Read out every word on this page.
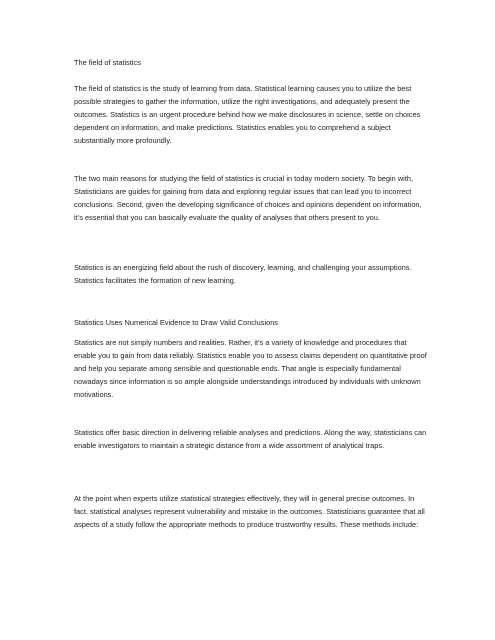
The field of statistics

The field of statistics is the study of learning from data. Statistical learning causes you to utilize the best possible strategies to gather the information, utilize the right investigations, and adequately present the outcomes. Statistics is an urgent procedure behind how we make disclosures in science, settle on choices dependent on information, and make predictions. Statistics enables you to comprehend a subject substantially more profoundly.

The two main reasons for studying the field of statistics is crucial in today modern society. To begin with, Statisticians are guides for gaining from data and exploring regular issues that can lead you to incorrect conclusions. Second, given the developing significance of choices and opinions dependent on information, it’s essential that you can basically evaluate the quality of analyses that others present to you.

Statistics is an energizing field about the rush of discovery, learning, and challenging your assumptions. Statistics facilitates the formation of new learning.

Statistics Uses Numerical Evidence to Draw Valid Conclusions

Statistics are not simply numbers and realities. Rather, it’s a variety of knowledge and procedures that enable you to gain from data reliably. Statistics enable you to assess claims dependent on quantitative proof and help you separate among sensible and questionable ends. That angle is especially fundamental nowadays since information is so ample alongside understandings introduced by individuals with unknown motivations.

Statistics offer basic direction in delivering reliable analyses and predictions. Along the way, statisticians can enable investigators to maintain a strategic distance from a wide assortment of analytical traps.

At the point when experts utilize statistical strategies effectively, they will in general precise outcomes. In fact, statistical analyses represent vulnerability and mistake in the outcomes. Statisticians guarantee that all aspects of a study follow the appropriate methods to produce trustworthy results. These methods include:
